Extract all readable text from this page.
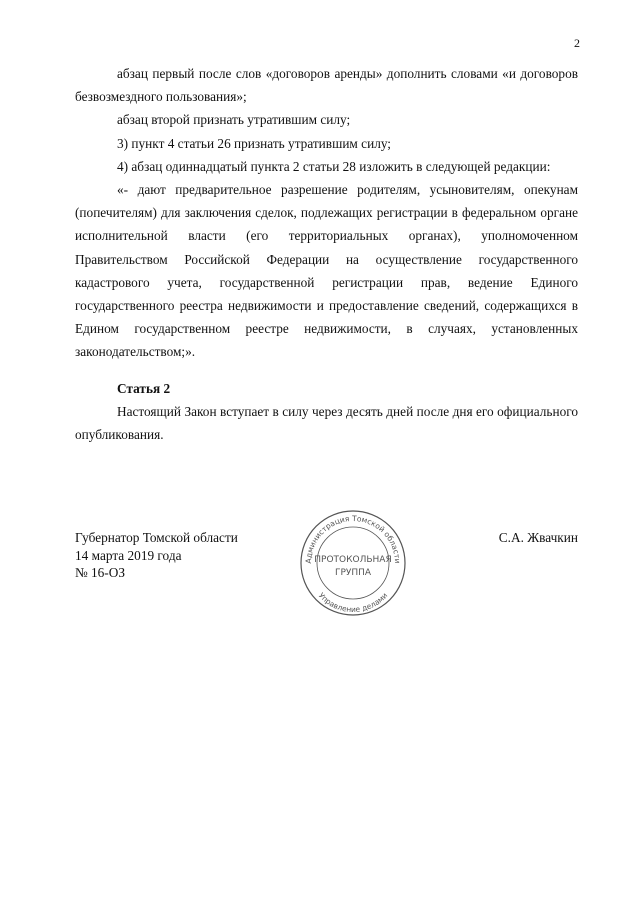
2

абзац первый после слов «договоров аренды» дополнить словами «и договоров безвозмездного пользования»;

абзац второй признать утратившим силу;

3) пункт 4 статьи 26 признать утратившим силу;

4) абзац одиннадцатый пункта 2 статьи 28 изложить в следующей редакции:

«- дают предварительное разрешение родителям, усыновителям, опекунам (попечителям) для заключения сделок, подлежащих регистрации в федеральном органе исполнительной власти (его территориальных органах), уполномоченном Правительством Российской Федерации на осуществление государственного кадастрового учета, государственной регистрации прав, ведение Единого государственного реестра недвижимости и предоставление сведений, содержащихся в Едином государственном реестре недвижимости, в случаях, установленных законодательством;».

Статья 2

Настоящий Закон вступает в силу через десять дней после дня его официального опубликования.

Губернатор Томской области
14 марта 2019 года
№ 16-ОЗ
С.А. Жвачкин
Администрация Томской области
Управление делами
ПРОТОКОЛЬНАЯ
ГРУППА
